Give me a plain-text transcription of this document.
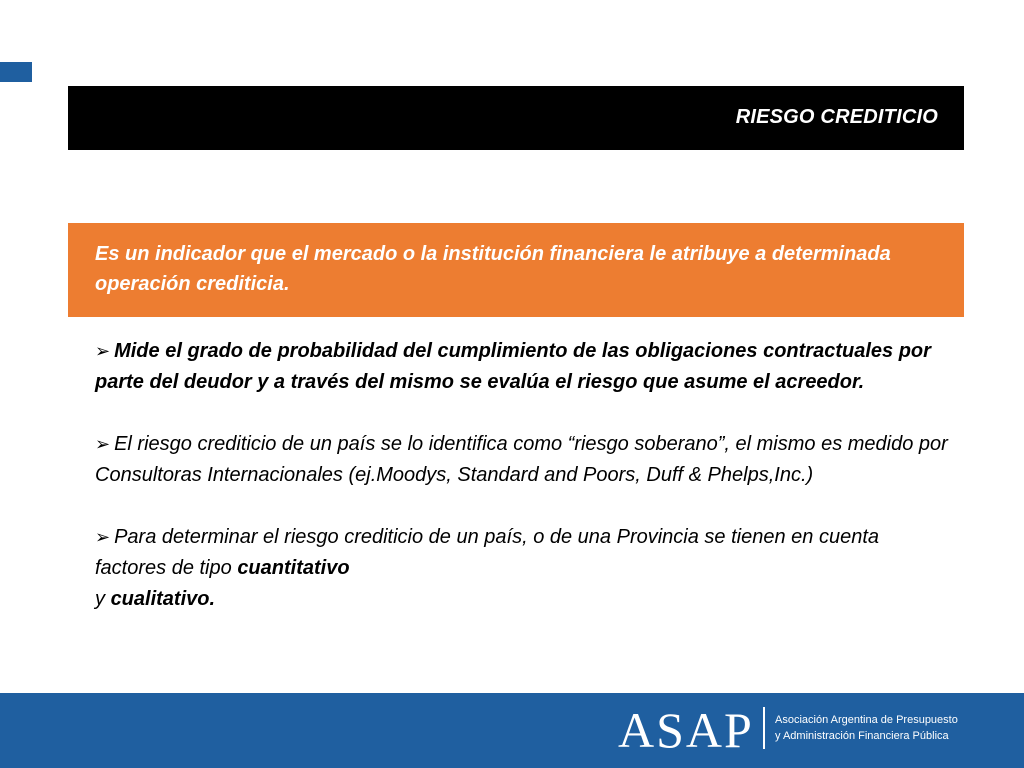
RIESGO CREDITICIO
Es un indicador que el mercado o la institución financiera le atribuye a determinada operación crediticia.

➢ Mide el grado de probabilidad del cumplimiento de las obligaciones contractuales por parte del deudor y a través del mismo se evalúa el riesgo que asume el acreedor.

➢ El riesgo crediticio de un país se lo identifica como “riesgo soberano”, el mismo es medido por Consultoras Internacionales (ej.Moodys, Standard and Poors, Duff & Phelps,Inc.)

➢ Para determinar el riesgo crediticio de un país, o de una Provincia se tienen en cuenta factores de tipo cuantitativo
y cualitativo.

ASAP Asociación Argentina de Presupuesto
y Administración Financiera Pública
